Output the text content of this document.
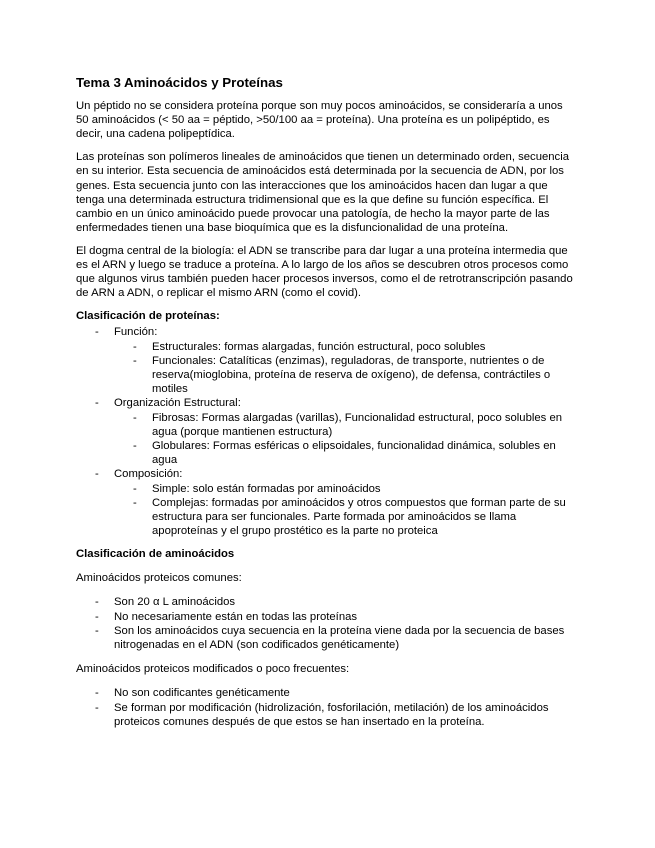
Tema 3 Aminoácidos y Proteínas

Un péptido no se considera proteína porque son muy pocos aminoácidos, se consideraría a unos 50 aminoácidos (< 50 aa = péptido, >50/100 aa = proteína). Una proteína es un polipéptido, es decir, una cadena polipeptídica.

Las proteínas son polímeros lineales de aminoácidos que tienen un determinado orden, secuencia en su interior. Esta secuencia de aminoácidos está determinada por la secuencia de ADN, por los genes. Esta secuencia junto con las interacciones que los aminoácidos hacen dan lugar a que tenga una determinada estructura tridimensional que es la que define su función específica. El cambio en un único aminoácido puede provocar una patología, de hecho la mayor parte de las enfermedades tienen una base bioquímica que es la disfuncionalidad de una proteína.

El dogma central de la biología: el ADN se transcribe para dar lugar a una proteína intermedia que es el ARN y luego se traduce a proteína. A lo largo de los años se descubren otros procesos como que algunos virus también pueden hacer procesos inversos, como el de retrotranscripción pasando de ARN a ADN, o replicar el mismo ARN (como el covid).

Clasificación de proteínas:
- Función:
- Estructurales: formas alargadas, función estructural, poco solubles
- Funcionales: Catalíticas (enzimas), reguladoras, de transporte, nutrientes o de reserva(mioglobina, proteína de reserva de oxígeno), de defensa, contráctiles o motiles
- Organización Estructural:
- Fibrosas: Formas alargadas (varillas), Funcionalidad estructural, poco solubles en agua (porque mantienen estructura)
- Globulares: Formas esféricas o elipsoidales, funcionalidad dinámica, solubles en agua
- Composición:
- Simple: solo están formadas por aminoácidos
- Complejas: formadas por aminoácidos y otros compuestos que forman parte de su estructura para ser funcionales. Parte formada por aminoácidos se llama apoproteínas y el grupo prostético es la parte no proteica
Clasificación de aminoácidos

Aminoácidos proteicos comunes:

- Son 20 α L aminoácidos
- No necesariamente están en todas las proteínas
- Son los aminoácidos cuya secuencia en la proteína viene dada por la secuencia de bases nitrogenadas en el ADN (son codificados genéticamente)

Aminoácidos proteicos modificados o poco frecuentes:

- No son codificantes genéticamente
- Se forman por modificación (hidrolización, fosforilación, metilación) de los aminoácidos proteicos comunes después de que estos se han insertado en la proteína.
